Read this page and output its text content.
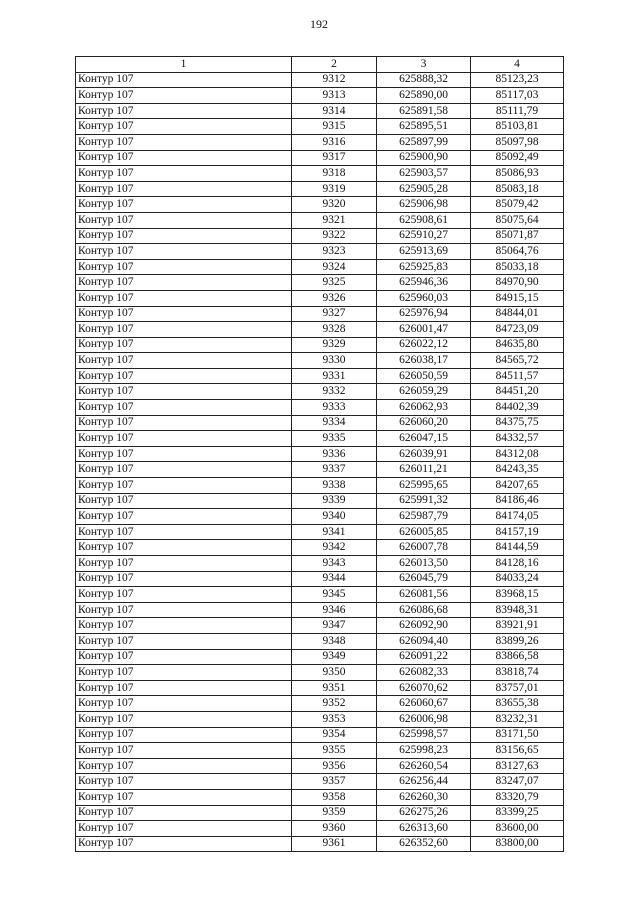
192
1	2	3	4
Контур 107	9312	625888,32	85123,23
Контур 107	9313	625890,00	85117,03
Контур 107	9314	625891,58	85111,79
Контур 107	9315	625895,51	85103,81
Контур 107	9316	625897,99	85097,98
Контур 107	9317	625900,90	85092,49
Контур 107	9318	625903,57	85086,93
Контур 107	9319	625905,28	85083,18
Контур 107	9320	625906,98	85079,42
Контур 107	9321	625908,61	85075,64
Контур 107	9322	625910,27	85071,87
Контур 107	9323	625913,69	85064,76
Контур 107	9324	625925,83	85033,18
Контур 107	9325	625946,36	84970,90
Контур 107	9326	625960,03	84915,15
Контур 107	9327	625976,94	84844,01
Контур 107	9328	626001,47	84723,09
Контур 107	9329	626022,12	84635,80
Контур 107	9330	626038,17	84565,72
Контур 107	9331	626050,59	84511,57
Контур 107	9332	626059,29	84451,20
Контур 107	9333	626062,93	84402,39
Контур 107	9334	626060,20	84375,75
Контур 107	9335	626047,15	84332,57
Контур 107	9336	626039,91	84312,08
Контур 107	9337	626011,21	84243,35
Контур 107	9338	625995,65	84207,65
Контур 107	9339	625991,32	84186,46
Контур 107	9340	625987,79	84174,05
Контур 107	9341	626005,85	84157,19
Контур 107	9342	626007,78	84144,59
Контур 107	9343	626013,50	84128,16
Контур 107	9344	626045,79	84033,24
Контур 107	9345	626081,56	83968,15
Контур 107	9346	626086,68	83948,31
Контур 107	9347	626092,90	83921,91
Контур 107	9348	626094,40	83899,26
Контур 107	9349	626091,22	83866,58
Контур 107	9350	626082,33	83818,74
Контур 107	9351	626070,62	83757,01
Контур 107	9352	626060,67	83655,38
Контур 107	9353	626006,98	83232,31
Контур 107	9354	625998,57	83171,50
Контур 107	9355	625998,23	83156,65
Контур 107	9356	626260,54	83127,63
Контур 107	9357	626256,44	83247,07
Контур 107	9358	626260,30	83320,79
Контур 107	9359	626275,26	83399,25
Контур 107	9360	626313,60	83600,00
Контур 107	9361	626352,60	83800,00
